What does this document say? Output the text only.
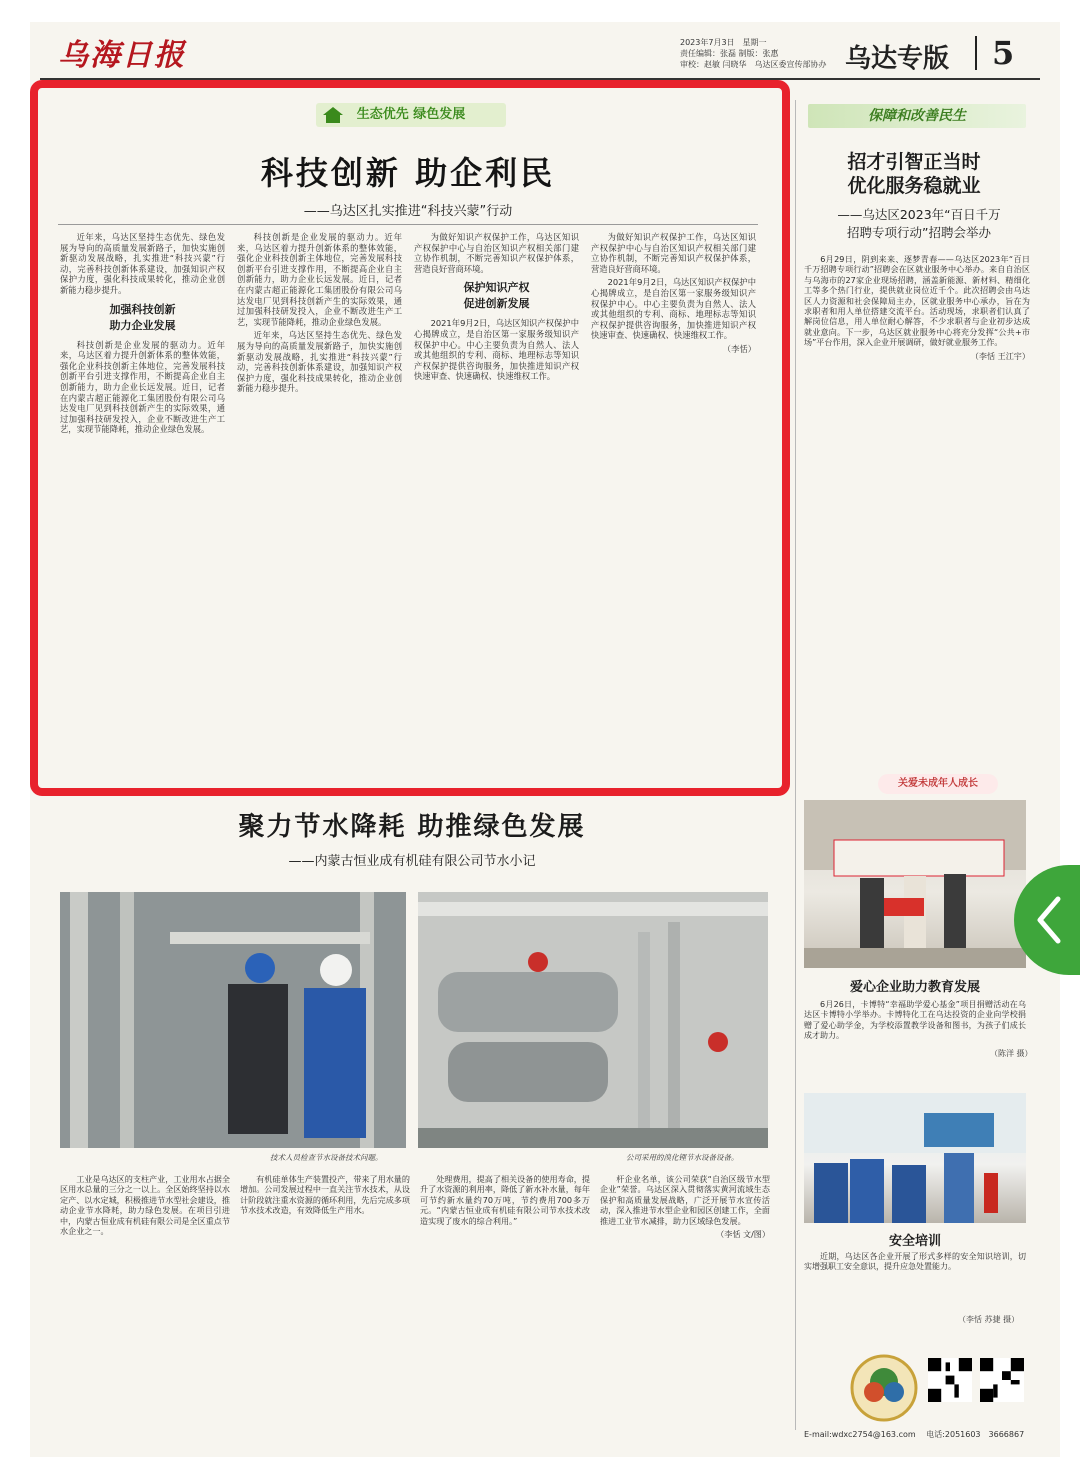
乌海日报	2023年7月3日　星期一
责任编辑：张磊 制版：张惠
审校：赵敏 闫晓华　乌达区委宣传部协办 乌达专版 5
生态优先 绿色发展
科技创新 助企利民
——乌达区扎实推进“科技兴蒙”行动

近年来，乌达区坚持生态优先、绿色发展为导向的高质量发展新路子，加快实施创新驱动发展战略，扎实推进“科技兴蒙”行动，完善科技创新体系建设，加强知识产权保护力度，强化科技成果转化，推动企业创新能力稳步提升。

加强科技创新
助力企业发展

科技创新是企业发展的驱动力。近年来，乌达区着力提升创新体系的整体效能，强化企业科技创新主体地位，完善发展科技创新平台引进支撑作用，不断提高企业自主创新能力，助力企业长远发展。近日，记者在内蒙古超正能源化工集团股份有限公司乌达发电厂见到科技创新产生的实际效果，通过加强科技研发投入，企业不断改进生产工艺，实现节能降耗，推动企业绿色发展。

科技创新是企业发展的驱动力。近年来，乌达区着力提升创新体系的整体效能，强化企业科技创新主体地位，完善发展科技创新平台引进支撑作用，不断提高企业自主创新能力，助力企业长远发展。近日，记者在内蒙古超正能源化工集团股份有限公司乌达发电厂见到科技创新产生的实际效果，通过加强科技研发投入，企业不断改进生产工艺，实现节能降耗，推动企业绿色发展。

近年来，乌达区坚持生态优先、绿色发展为导向的高质量发展新路子，加快实施创新驱动发展战略，扎实推进“科技兴蒙”行动，完善科技创新体系建设，加强知识产权保护力度，强化科技成果转化，推动企业创新能力稳步提升。

为做好知识产权保护工作，乌达区知识产权保护中心与自治区知识产权相关部门建立协作机制，不断完善知识产权保护体系，营造良好营商环境。

保护知识产权
促进创新发展

2021年9月2日，乌达区知识产权保护中心揭牌成立，是自治区第一家服务级知识产权保护中心。中心主要负责为自然人、法人或其他组织的专利、商标、地理标志等知识产权保护提供咨询服务，加快推进知识产权快速审查、快速确权、快速维权工作。

为做好知识产权保护工作，乌达区知识产权保护中心与自治区知识产权相关部门建立协作机制，不断完善知识产权保护体系，营造良好营商环境。

2021年9月2日，乌达区知识产权保护中心揭牌成立，是自治区第一家服务级知识产权保护中心。中心主要负责为自然人、法人或其他组织的专利、商标、地理标志等知识产权保护提供咨询服务，加快推进知识产权快速审查、快速确权、快速维权工作。

（李恬）

保障和改善民生
招才引智正当时
优化服务稳就业
——乌达区2023年“百日千万
招聘专项行动”招聘会举办

6月29日，阴到来来、逐梦青春——乌达区2023年“百日千万招聘专项行动”招聘会在区就业服务中心举办。来自自治区与乌海市的27家企业现场招聘，涵盖新能源、新材料、精细化工等多个热门行业，提供就业岗位近千个。此次招聘会由乌达区人力资源和社会保障局主办，区就业服务中心承办，旨在为求职者和用人单位搭建交流平台。活动现场，求职者们认真了解岗位信息，用人单位耐心解答，不少求职者与企业初步达成就业意向。下一步，乌达区就业服务中心将充分发挥“公共+市场”平台作用，深入企业开展调研，做好就业服务工作。

（李恬 王江宇）

关爱未成年人成长
爱心企业助力教育发展
6月26日，卡博特“幸福助学爱心基金”项目捐赠活动在乌达区卡博特小学举办。卡博特化工在乌达投资的企业向学校捐赠了爱心助学金，为学校添置教学设备和图书，为孩子们成长成才助力。
（陈洋 摄）
安全培训
近期，乌达区各企业开展了形式多样的安全知识培训，切实增强职工安全意识，提升应急处置能力。
（李恬 苏捷 摄）
E-mail:wdxc2754@163.com　 电话:2051603　3666867
聚力节水降耗 助推绿色发展
——内蒙古恒业成有机硅有限公司节水小记
技术人员检查节水设备技术问题。	公司采用的溴化锂节水设备设备。

工业是乌达区的支柱产业，工业用水占据全区用水总量的三分之一以上。全区始终坚持以水定产、以水定城，积极推进节水型社会建设，推动企业节水降耗，助力绿色发展。在项目引进中，内蒙古恒业成有机硅有限公司是全区重点节水企业之一。

有机硅单体生产装置投产，带来了用水量的增加。公司发展过程中一直关注节水技术，从设计阶段就注重水资源的循环利用，先后完成多项节水技术改造，有效降低生产用水。

处理费用，提高了相关设备的使用寿命，提升了水资源的利用率，降低了新水补水量，每年可节约新水量约70万吨，节约费用700多万元。“内蒙古恒业成有机硅有限公司节水技术改造实现了废水的综合利用。”

杆企业名单，该公司荣获“自治区级节水型企业”荣誉。乌达区深入贯彻落实黄河流域生态保护和高质量发展战略，广泛开展节水宣传活动，深入推进节水型企业和园区创建工作，全面推进工业节水减排，助力区域绿色发展。

（李恬 文/图）
